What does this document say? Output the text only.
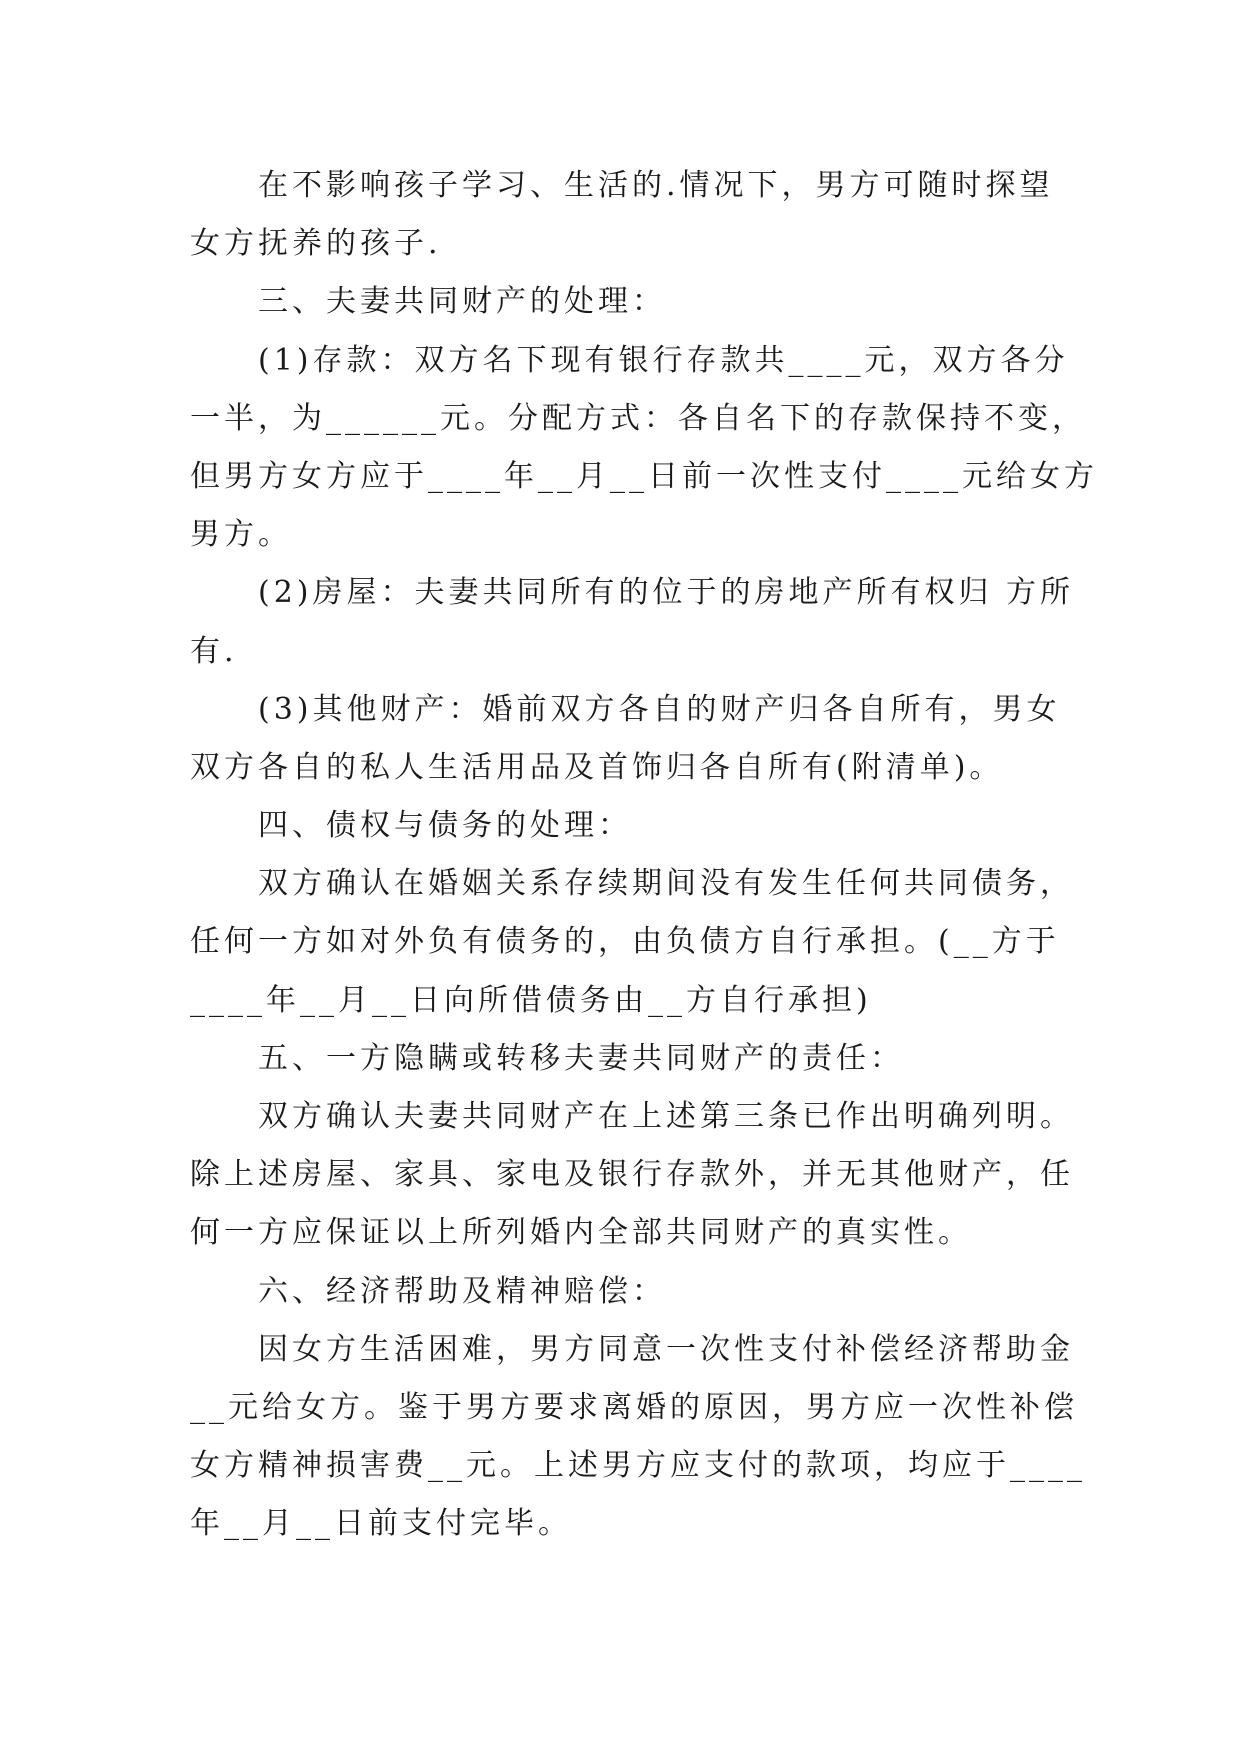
在不影响孩子学习、生活的.情况下，男方可随时探望
女方抚养的孩子.
三、夫妻共同财产的处理：
(1)存款：双方名下现有银行存款共____元，双方各分
一半，为______元。分配方式：各自名下的存款保持不变，
但男方女方应于____年__月__日前一次性支付____元给女方
男方。
(2)房屋：夫妻共同所有的位于的房地产所有权归 方所
有.
(3)其他财产：婚前双方各自的财产归各自所有，男女
双方各自的私人生活用品及首饰归各自所有(附清单)。
四、债权与债务的处理：
双方确认在婚姻关系存续期间没有发生任何共同债务，
任何一方如对外负有债务的，由负债方自行承担。(__方于
____年__月__日向所借债务由__方自行承担)
五、一方隐瞒或转移夫妻共同财产的责任：
双方确认夫妻共同财产在上述第三条已作出明确列明。
除上述房屋、家具、家电及银行存款外，并无其他财产，任
何一方应保证以上所列婚内全部共同财产的真实性。
六、经济帮助及精神赔偿：
因女方生活困难，男方同意一次性支付补偿经济帮助金
__元给女方。鉴于男方要求离婚的原因，男方应一次性补偿
女方精神损害费__元。上述男方应支付的款项，均应于____
年__月__日前支付完毕。
